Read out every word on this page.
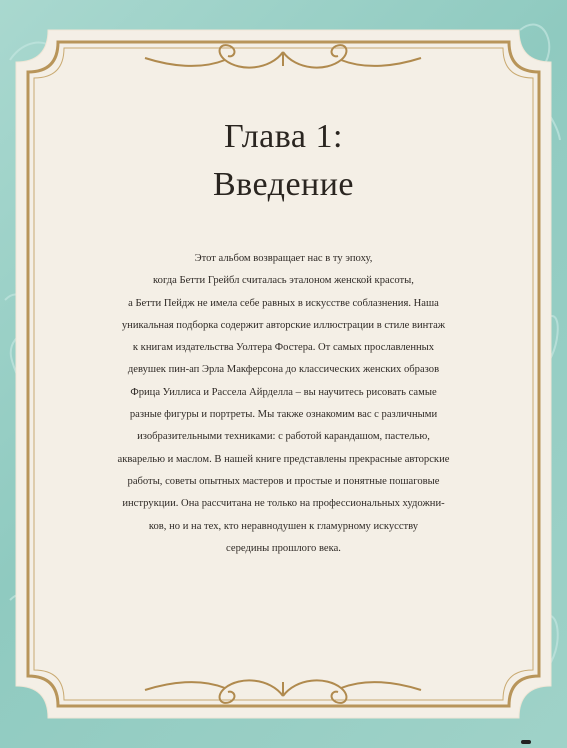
Глава 1:
Введение
Этот альбом возвращает нас в ту эпоху,
когда Бетти Грейбл считалась эталоном женской красоты,
а Бетти Пейдж не имела себе равных в искусстве соблазнения. Наша
уникальная подборка содержит авторские иллюстрации в стиле винтаж
к книгам издательства Уолтера Фостера. От самых прославленных
девушек пин-ап Эрла Макферсона до классических женских образов
Фрица Уиллиса и Рассела Айрделла – вы научитесь рисовать самые
разные фигуры и портреты. Мы также ознакомим вас с различными
изобразительными техниками: с работой карандашом, пастелью,
акварелью и маслом. В нашей книге представлены прекрасные авторские
работы, советы опытных мастеров и простые и понятные пошаговые
инструкции. Она рассчитана не только на профессиональных художни-
ков, но и на тех, кто неравнодушен к гламурному искусству
середины прошлого века.
